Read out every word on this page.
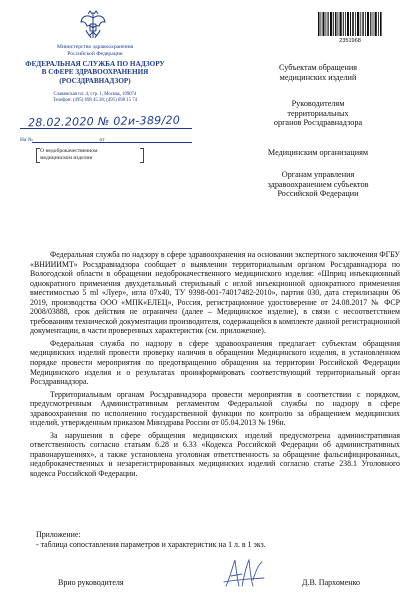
Министерство здравоохранения
Российской Федерации
ФЕДЕРАЛЬНАЯ СЛУЖБА ПО НАДЗОРУ
В СФЕРЕ ЗДРАВООХРАНЕНИЯ
(РОСЗДРАВНАДЗОР)
Славянская пл. 4, стр. 1, Москва, 109074
Телефон: (495) 698 45 38; (495) 698 15 74
28.02.2020 № 02и-389/20
На №	от
О недоброкачественном
медицинском изделии
2351968
Субъектам обращения
медицинских изделий
Руководителям
территориальных
органов Росздравнадзора
Медицинским организациям
Органам управления
здравоохранением субъектов
Российской Федерации

Федеральная служба по надзору в сфере здравоохранения на основании экспертного заключения ФГБУ «ВНИИИМТ» Росздравнадзора сообщает о выявлении территориальным органом Росздравнадзора по Вологодской области в обращении недоброкачественного медицинского изделия: «Шприц инъекционный однократного применения двухдетальный стерильный с иглой инъекционной однократного применения вместимостью 5 ml «Луер», игла 07х40, ТУ 9398-001-74017482-2010», партия 030, дата стерилизации 06 2019, производства ООО «МПК«ЕЛЕЦ», Россия, регистрационное удостоверение от 24.08.2017 № ФСР 2008/03888, срок действия не ограничен (далее – Медицинское изделие), в связи с несоответствием требованиям технической документации производителя, содержащейся в комплекте данной регистрационной документации, в части проверенных характеристик (см. приложение).

Федеральная служба по надзору в сфере здравоохранения предлагает субъектам обращения медицинских изделий провести проверку наличия в обращении Медицинского изделия, в установленном порядке провести мероприятия по предотвращению обращения на территории Российской Федерации Медицинского изделия и о результатах проинформировать соответствующий территориальный орган Росздравнадзора.

Территориальным органам Росздравнадзора провести мероприятия в соответствии с порядком, предусмотренным Административным регламентом Федеральной службы по надзору в сфере здравоохранения по исполнению государственной функции по контролю за обращением медицинских изделий, утвержденным приказом Минздрава России от 05.04.2013 № 196н.

За нарушения в сфере обращения медицинских изделий предусмотрена административная ответственность согласно статьям 6.28 и 6.33 «Кодекса Российской Федерации об административных правонарушениях», а также установлена уголовная ответственность за обращение фальсифицированных, недоброкачественных и незарегистрированных медицинских изделий согласно статье 238.1 Уголовного кодекса Российской Федерации.

Приложение:
- таблица сопоставления параметров и характеристик на 1 л. в 1 экз.
Врио руководителя	Д.В. Пархоменко
